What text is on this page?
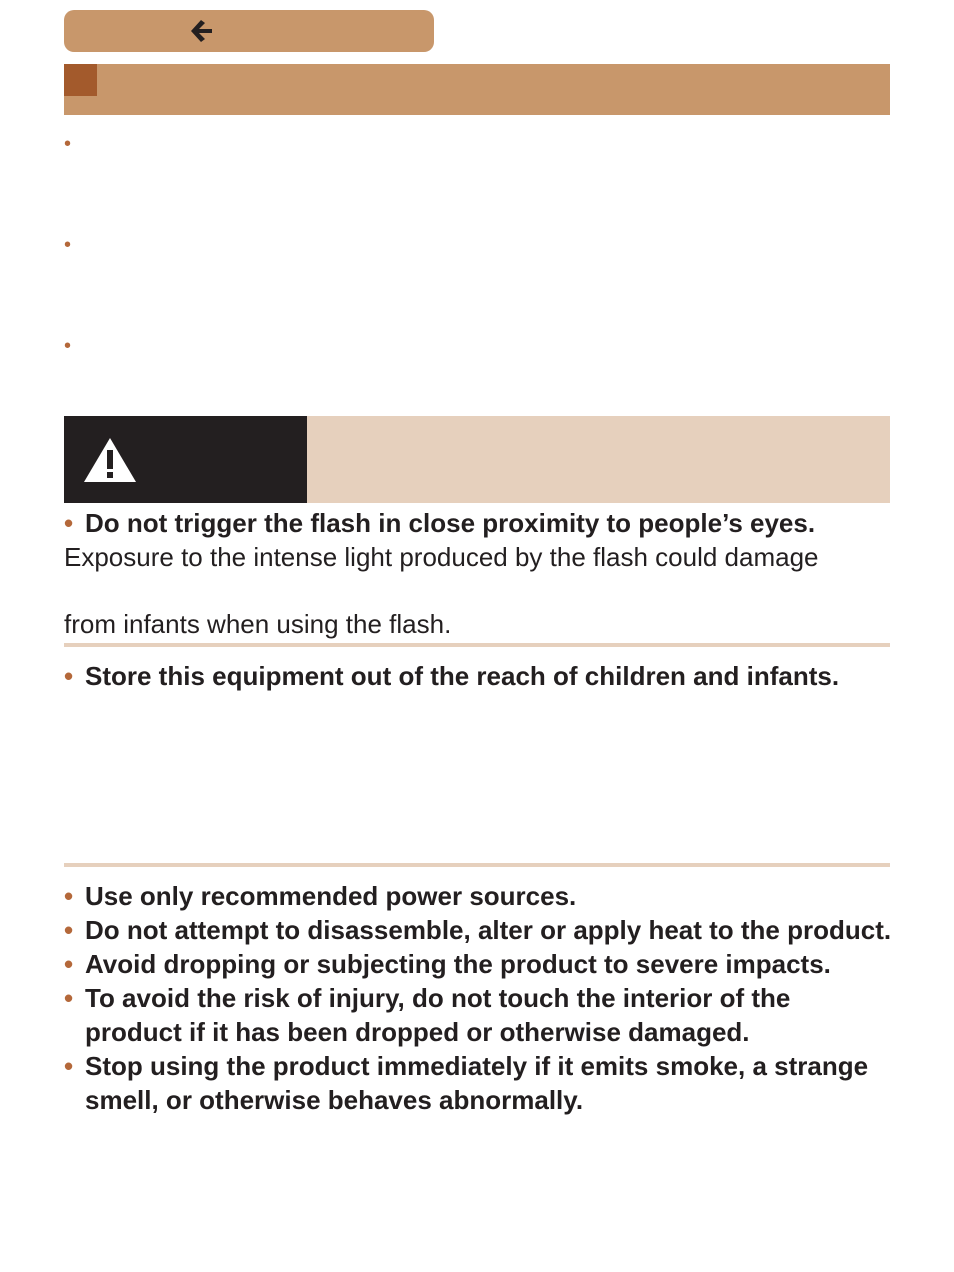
•
•
•
• Do not trigger the flash in close proximity to people’s eyes.
Exposure to the intense light produced by the flash could damage
from infants when using the flash.
• Store this equipment out of the reach of children and infants.
• Use only recommended power sources.
• Do not attempt to disassemble, alter or apply heat to the product.
• Avoid dropping or subjecting the product to severe impacts.
• To avoid the risk of injury, do not touch the interior of the product if it has been dropped or otherwise damaged.
• Stop using the product immediately if it emits smoke, a strange smell, or otherwise behaves abnormally.
